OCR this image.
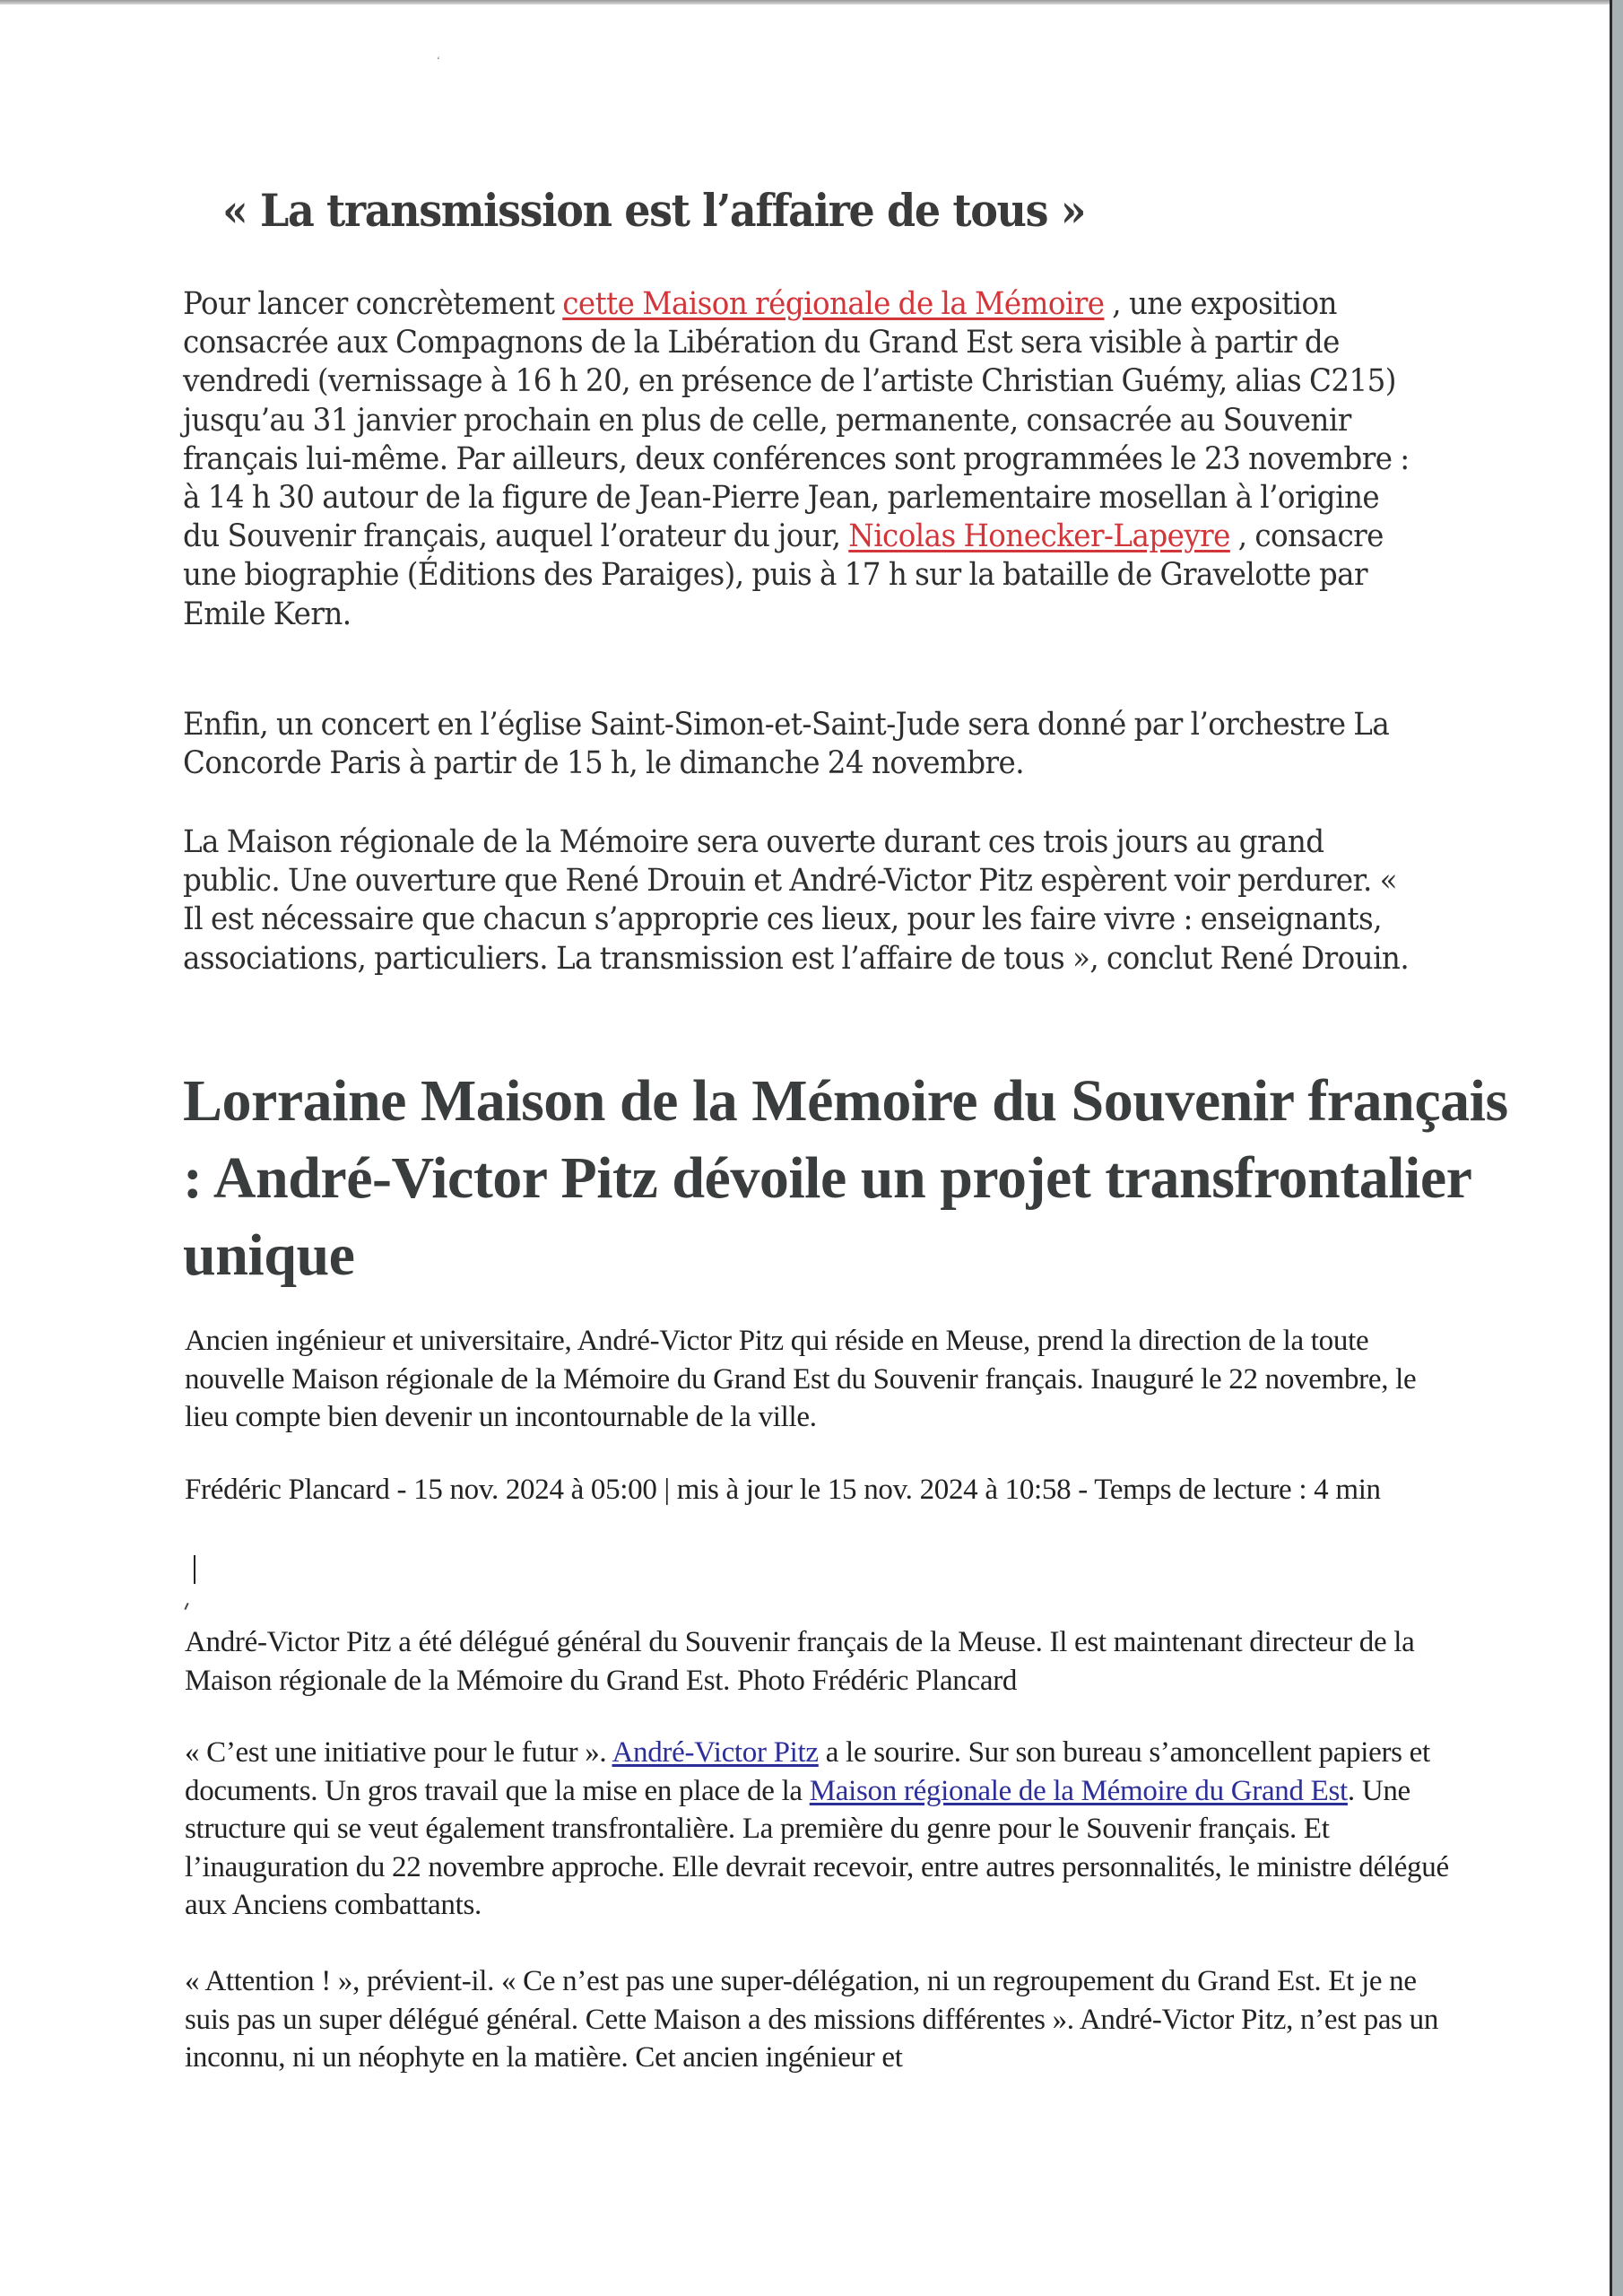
ʻ
« La transmission est l’affaire de tous »

Pour lancer concrètement cette Maison régionale de la Mémoire , une exposition consacrée aux Compagnons de la Libération du Grand Est sera visible à partir de vendredi (vernissage à 16 h 20, en présence de l’artiste Christian Guémy, alias C215) jusqu’au 31 janvier prochain en plus de celle, permanente, consacrée au Souvenir français lui-même. Par ailleurs, deux conférences sont programmées le 23 novembre : à 14 h 30 autour de la figure de Jean-Pierre Jean, parlementaire mosellan à l’origine du Souvenir français, auquel l’orateur du jour, Nicolas Honecker-Lapeyre , consacre une biographie (Éditions des Paraiges), puis à 17 h sur la bataille de Gravelotte par Emile Kern.

Enfin, un concert en l’église Saint-Simon-et-Saint-Jude sera donné par l’orchestre La Concorde Paris à partir de 15 h, le dimanche 24 novembre.

La Maison régionale de la Mémoire sera ouverte durant ces trois jours au grand public. Une ouverture que René Drouin et André-Victor Pitz espèrent voir perdurer. « Il est nécessaire que chacun s’approprie ces lieux, pour les faire vivre : enseignants, associations, particuliers. La transmission est l’affaire de tous », conclut René Drouin.

Lorraine Maison de la Mémoire du Souvenir français : André-Victor Pitz dévoile un projet transfrontalier unique

Ancien ingénieur et universitaire, André-Victor Pitz qui réside en Meuse, prend la direction de la toute nouvelle Maison régionale de la Mémoire du Grand Est du Souvenir français. Inauguré le 22 novembre, le lieu compte bien devenir un incontournable de la ville.

Frédéric Plancard - 15 nov. 2024 à 05:00 | mis à jour le 15 nov. 2024 à 10:58 - Temps de lecture : 4 min

André-Victor Pitz a été délégué général du Souvenir français de la Meuse. Il est maintenant directeur de la Maison régionale de la Mémoire du Grand Est. Photo Frédéric Plancard

« C’est une initiative pour le futur ». André-Victor Pitz a le sourire. Sur son bureau s’amoncellent papiers et documents. Un gros travail que la mise en place de la Maison régionale de la Mémoire du Grand Est. Une structure qui se veut également transfrontalière. La première du genre pour le Souvenir français. Et l’inauguration du 22 novembre approche. Elle devrait recevoir, entre autres personnalités, le ministre délégué aux Anciens combattants.

« Attention ! », prévient-il. « Ce n’est pas une super-délégation, ni un regroupement du Grand Est. Et je ne suis pas un super délégué général. Cette Maison a des missions différentes ». André-Victor Pitz, n’est pas un inconnu, ni un néophyte en la matière. Cet ancien ingénieur et
